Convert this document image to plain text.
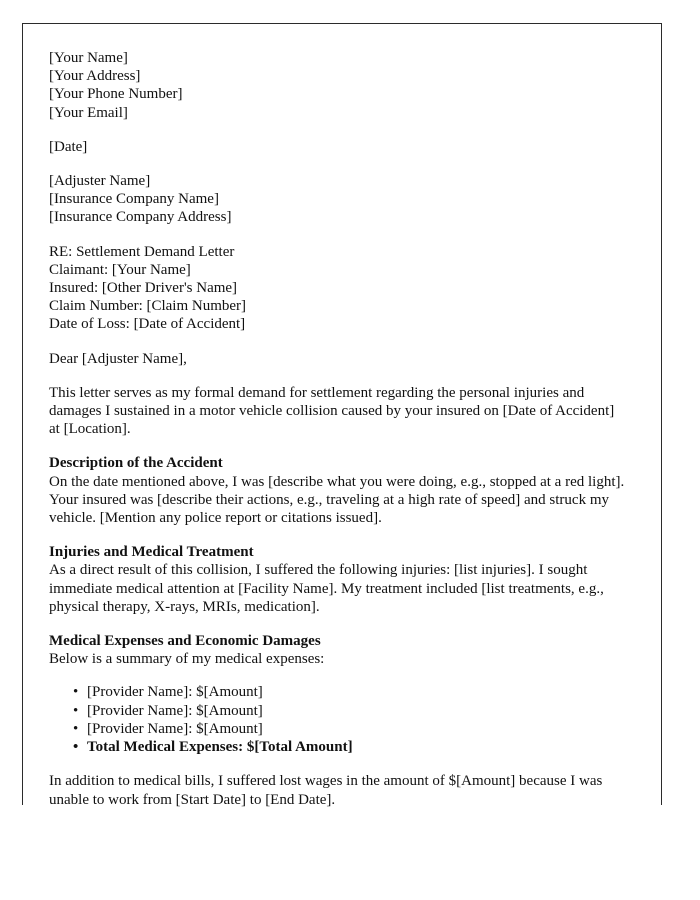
[Your Name]
[Your Address]
[Your Phone Number]
[Your Email]
[Date]
[Adjuster Name]
[Insurance Company Name]
[Insurance Company Address]
RE: Settlement Demand Letter
Claimant: [Your Name]
Insured: [Other Driver's Name]
Claim Number: [Claim Number]
Date of Loss: [Date of Accident]
Dear [Adjuster Name],

This letter serves as my formal demand for settlement regarding the personal injuries and damages I sustained in a motor vehicle collision caused by your insured on [Date of Accident] at [Location].

Description of the Accident

On the date mentioned above, I was [describe what you were doing, e.g., stopped at a red light]. Your insured was [describe their actions, e.g., traveling at a high rate of speed] and struck my vehicle. [Mention any police report or citations issued].

Injuries and Medical Treatment

As a direct result of this collision, I suffered the following injuries: [list injuries]. I sought immediate medical attention at [Facility Name]. My treatment included [list treatments, e.g., physical therapy, X-rays, MRIs, medication].

Medical Expenses and Economic Damages

Below is a summary of my medical expenses:

• [Provider Name]: $[Amount]
• [Provider Name]: $[Amount]
• [Provider Name]: $[Amount]
• Total Medical Expenses: $[Total Amount]

In addition to medical bills, I suffered lost wages in the amount of $[Amount] because I was unable to work from [Start Date] to [End Date].
